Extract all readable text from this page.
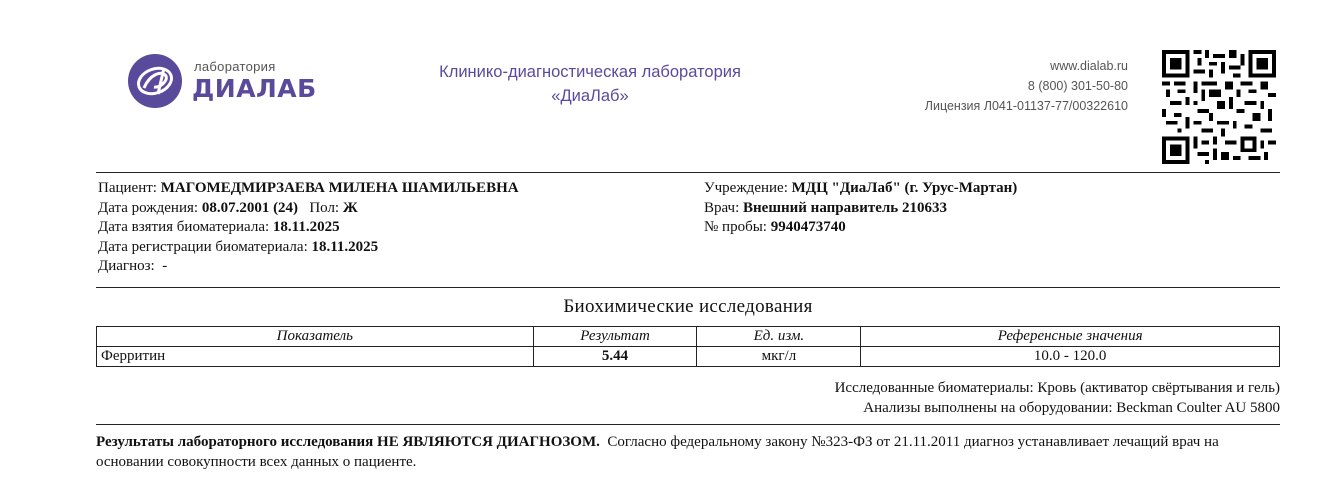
лаборатория
ДИАЛАБ
Клинико-диагностическая лаборатория
«ДиаЛаб»
www.dialab.ru
8 (800) 301-50-80
Лицензия Л041-01137-77/00322610
Пациент: МАГОМЕДМИРЗАЕВА МИЛЕНА ШАМИЛЬЕВНА
Дата рождения: 08.07.2001 (24) Пол: Ж
Дата взятия биоматериала: 18.11.2025
Дата регистрации биоматериала: 18.11.2025
Диагноз: -
Учреждение: МДЦ "ДиаЛаб" (г. Урус-Мартан)
Врач: Внешний направитель 210633
№ пробы: 9940473740
Биохимические исследования
Показатель	Результат	Ед. изм.	Референсные значения
Ферритин	5.44	мкг/л	10.0 - 120.0
Исследованные биоматериалы: Кровь (активатор свёртывания и гель)
Анализы выполнены на оборудовании: Beckman Coulter AU 5800
Результаты лабораторного исследования НЕ ЯВЛЯЮТСЯ ДИАГНОЗОМ. Согласно федеральному закону №323-ФЗ от 21.11.2011 диагноз устанавливает лечащий врач на основании совокупности всех данных о пациенте.
